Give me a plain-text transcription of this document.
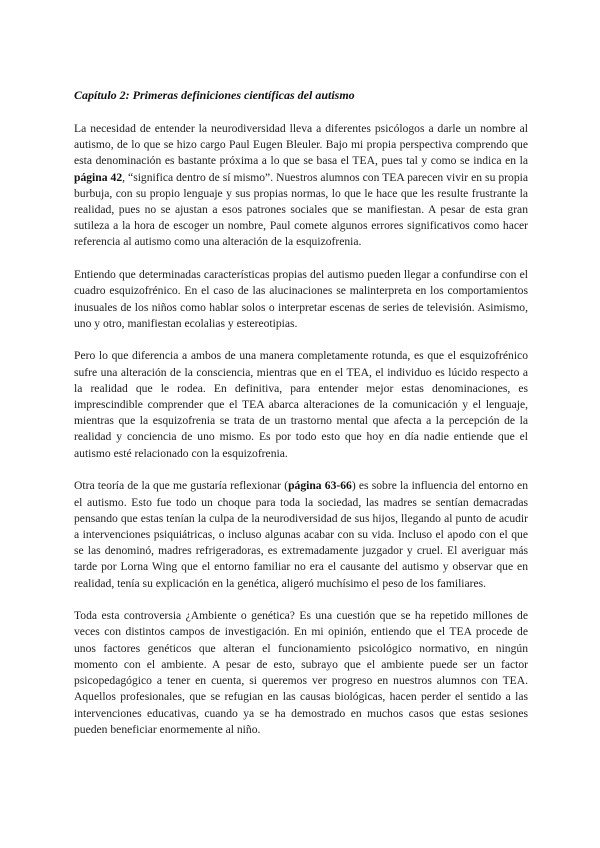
Capítulo 2: Primeras definiciones científicas del autismo

La necesidad de entender la neurodiversidad lleva a diferentes psicólogos a darle un nombre al autismo, de lo que se hizo cargo Paul Eugen Bleuler. Bajo mi propia perspectiva comprendo que esta denominación es bastante próxima a lo que se basa el TEA, pues tal y como se indica en la página 42, “significa dentro de sí mismo”. Nuestros alumnos con TEA parecen vivir en su propia burbuja, con su propio lenguaje y sus propias normas, lo que le hace que les resulte frustrante la realidad, pues no se ajustan a esos patrones sociales que se manifiestan. A pesar de esta gran sutileza a la hora de escoger un nombre, Paul comete algunos errores significativos como hacer referencia al autismo como una alteración de la esquizofrenia.

Entiendo que determinadas características propias del autismo pueden llegar a confundirse con el cuadro esquizofrénico. En el caso de las alucinaciones se malinterpreta en los comportamientos inusuales de los niños como hablar solos o interpretar escenas de series de televisión. Asimismo, uno y otro, manifiestan ecolalias y estereotipias.

Pero lo que diferencia a ambos de una manera completamente rotunda, es que el esquizofrénico sufre una alteración de la consciencia, mientras que en el TEA, el individuo es lúcido respecto a la realidad que le rodea. En definitiva, para entender mejor estas denominaciones, es imprescindible comprender que el TEA abarca alteraciones de la comunicación y el lenguaje, mientras que la esquizofrenia se trata de un trastorno mental que afecta a la percepción de la realidad y conciencia de uno mismo. Es por todo esto que hoy en día nadie entiende que el autismo esté relacionado con la esquizofrenia.

Otra teoría de la que me gustaría reflexionar (página 63-66) es sobre la influencia del entorno en el autismo. Esto fue todo un choque para toda la sociedad, las madres se sentían demacradas pensando que estas tenían la culpa de la neurodiversidad de sus hijos, llegando al punto de acudir a intervenciones psiquiátricas, o incluso algunas acabar con su vida. Incluso el apodo con el que se las denominó, madres refrigeradoras, es extremadamente juzgador y cruel. El averiguar más tarde por Lorna Wing que el entorno familiar no era el causante del autismo y observar que en realidad, tenía su explicación en la genética, aligeró muchísimo el peso de los familiares.

Toda esta controversia ¿Ambiente o genética? Es una cuestión que se ha repetido millones de veces con distintos campos de investigación. En mi opinión, entiendo que el TEA procede de unos factores genéticos que alteran el funcionamiento psicológico normativo, en ningún momento con el ambiente. A pesar de esto, subrayo que el ambiente puede ser un factor psicopedagógico a tener en cuenta, si queremos ver progreso en nuestros alumnos con TEA. Aquellos profesionales, que se refugian en las causas biológicas, hacen perder el sentido a las intervenciones educativas, cuando ya se ha demostrado en muchos casos que estas sesiones pueden beneficiar enormemente al niño.
